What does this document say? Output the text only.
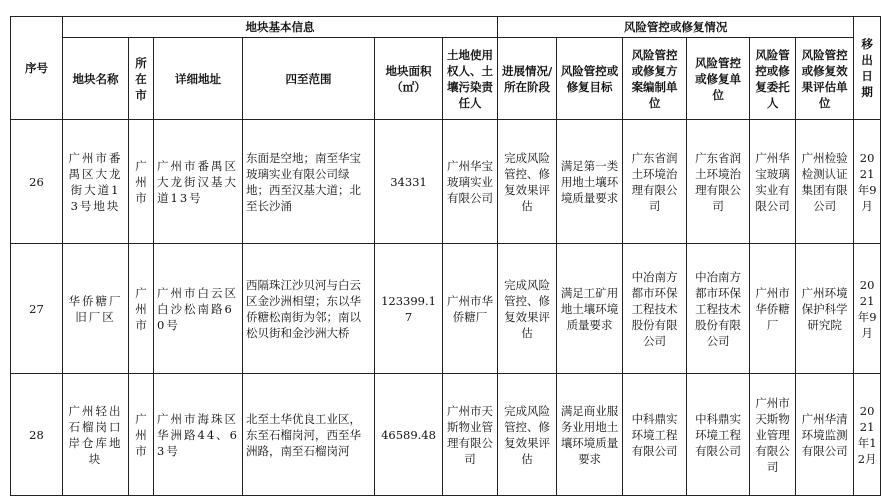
序号	地块基本信息						风险管控或修复情况						移出日期
	地块名称	所在市	详细地址	四至范围	地块面积（㎡）	土地使用权人、土壤污染责任人	进展情况/所在阶段	风险管控或修复目标	风险管控或修复方案编制单位	风险管控或修复单位	风险管控或修复委托人	风险管控或修复效果评估单位	
26	广州市番禺区大龙街大道13号地块	广州市	广州市番禺区大龙街汉基大道13号	东面是空地；南至华宝玻璃实业有限公司绿地；西至汉基大道；北至长沙涌	34331	广州华宝玻璃实业有限公司	完成风险管控、修复效果评估	满足第一类用地土壤环境质量要求	广东省润土环境治理有限公司	广东省润土环境治理有限公司	广州华宝玻璃实业有限公司	广州检验检测认证集团有限公司	2021年9月
27	华侨糖厂旧厂区	广州市	广州市白云区白沙松南路60号	西隔珠江沙贝河与白云区金沙洲相望；东以华侨糖松南街为邻；南以松贝街和金沙洲大桥	123399.17	广州市华侨糖厂	完成风险管控、修复效果评估	满足工矿用地土壤环境质量要求	中冶南方都市环保工程技术股份有限公司	中冶南方都市环保工程技术股份有限公司	广州市华侨糖厂	广州环境保护科学研究院	2021年9月
28	广州轻出石榴岗口岸仓库地块	广州市	广州市海珠区华洲路44、63号	北至土华优良工业区，东至石榴岗河，西至华洲路，南至石榴岗河	46589.48	广州市天斯物业管理有限公司	完成风险管控、修复效果评估	满足商业服务业用地土壤环境质量要求	中科鼎实环境工程有限公司	中科鼎实环境工程有限公司	广州市天斯物业管理有限公司	广州华清环境监测有限公司	2021年12月
